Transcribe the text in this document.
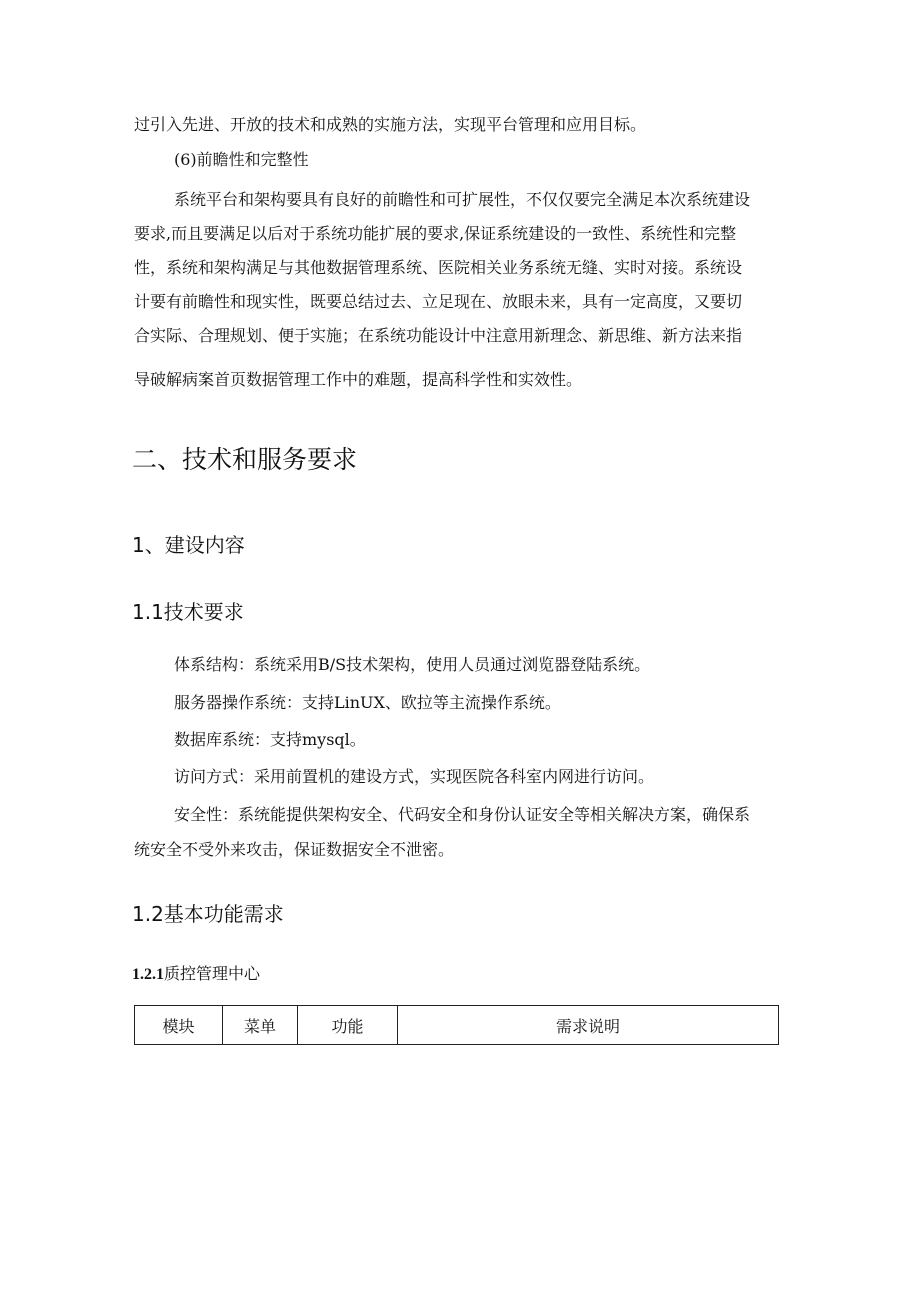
过引入先进、开放的技术和成熟的实施方法，实现平台管理和应用目标。

(6)前瞻性和完整性

系统平台和架构要具有良好的前瞻性和可扩展性，不仅仅要完全满足本次系统建设

要求,而且要满足以后对于系统功能扩展的要求,保证系统建设的一致性、系统性和完整

性，系统和架构满足与其他数据管理系统、医院相关业务系统无缝、实时对接。系统设

计要有前瞻性和现实性，既要总结过去、立足现在、放眼未来，具有一定高度，又要切

合实际、合理规划、便于实施；在系统功能设计中注意用新理念、新思维、新方法来指

导破解病案首页数据管理工作中的难题，提高科学性和实效性。

二、技术和服务要求
1、建设内容
1.1技术要求

体系结构：系统采用B/S技术架构，使用人员通过浏览器登陆系统。

服务器操作系统：支持LinUX、欧拉等主流操作系统。

数据库系统：支持mysql。

访问方式：采用前置机的建设方式，实现医院各科室内网进行访问。

安全性：系统能提供架构安全、代码安全和身份认证安全等相关解决方案，确保系

统安全不受外来攻击，保证数据安全不泄密。

1.2基本功能需求
1.2.1质控管理中心
模块	菜单	功能	需求说明
